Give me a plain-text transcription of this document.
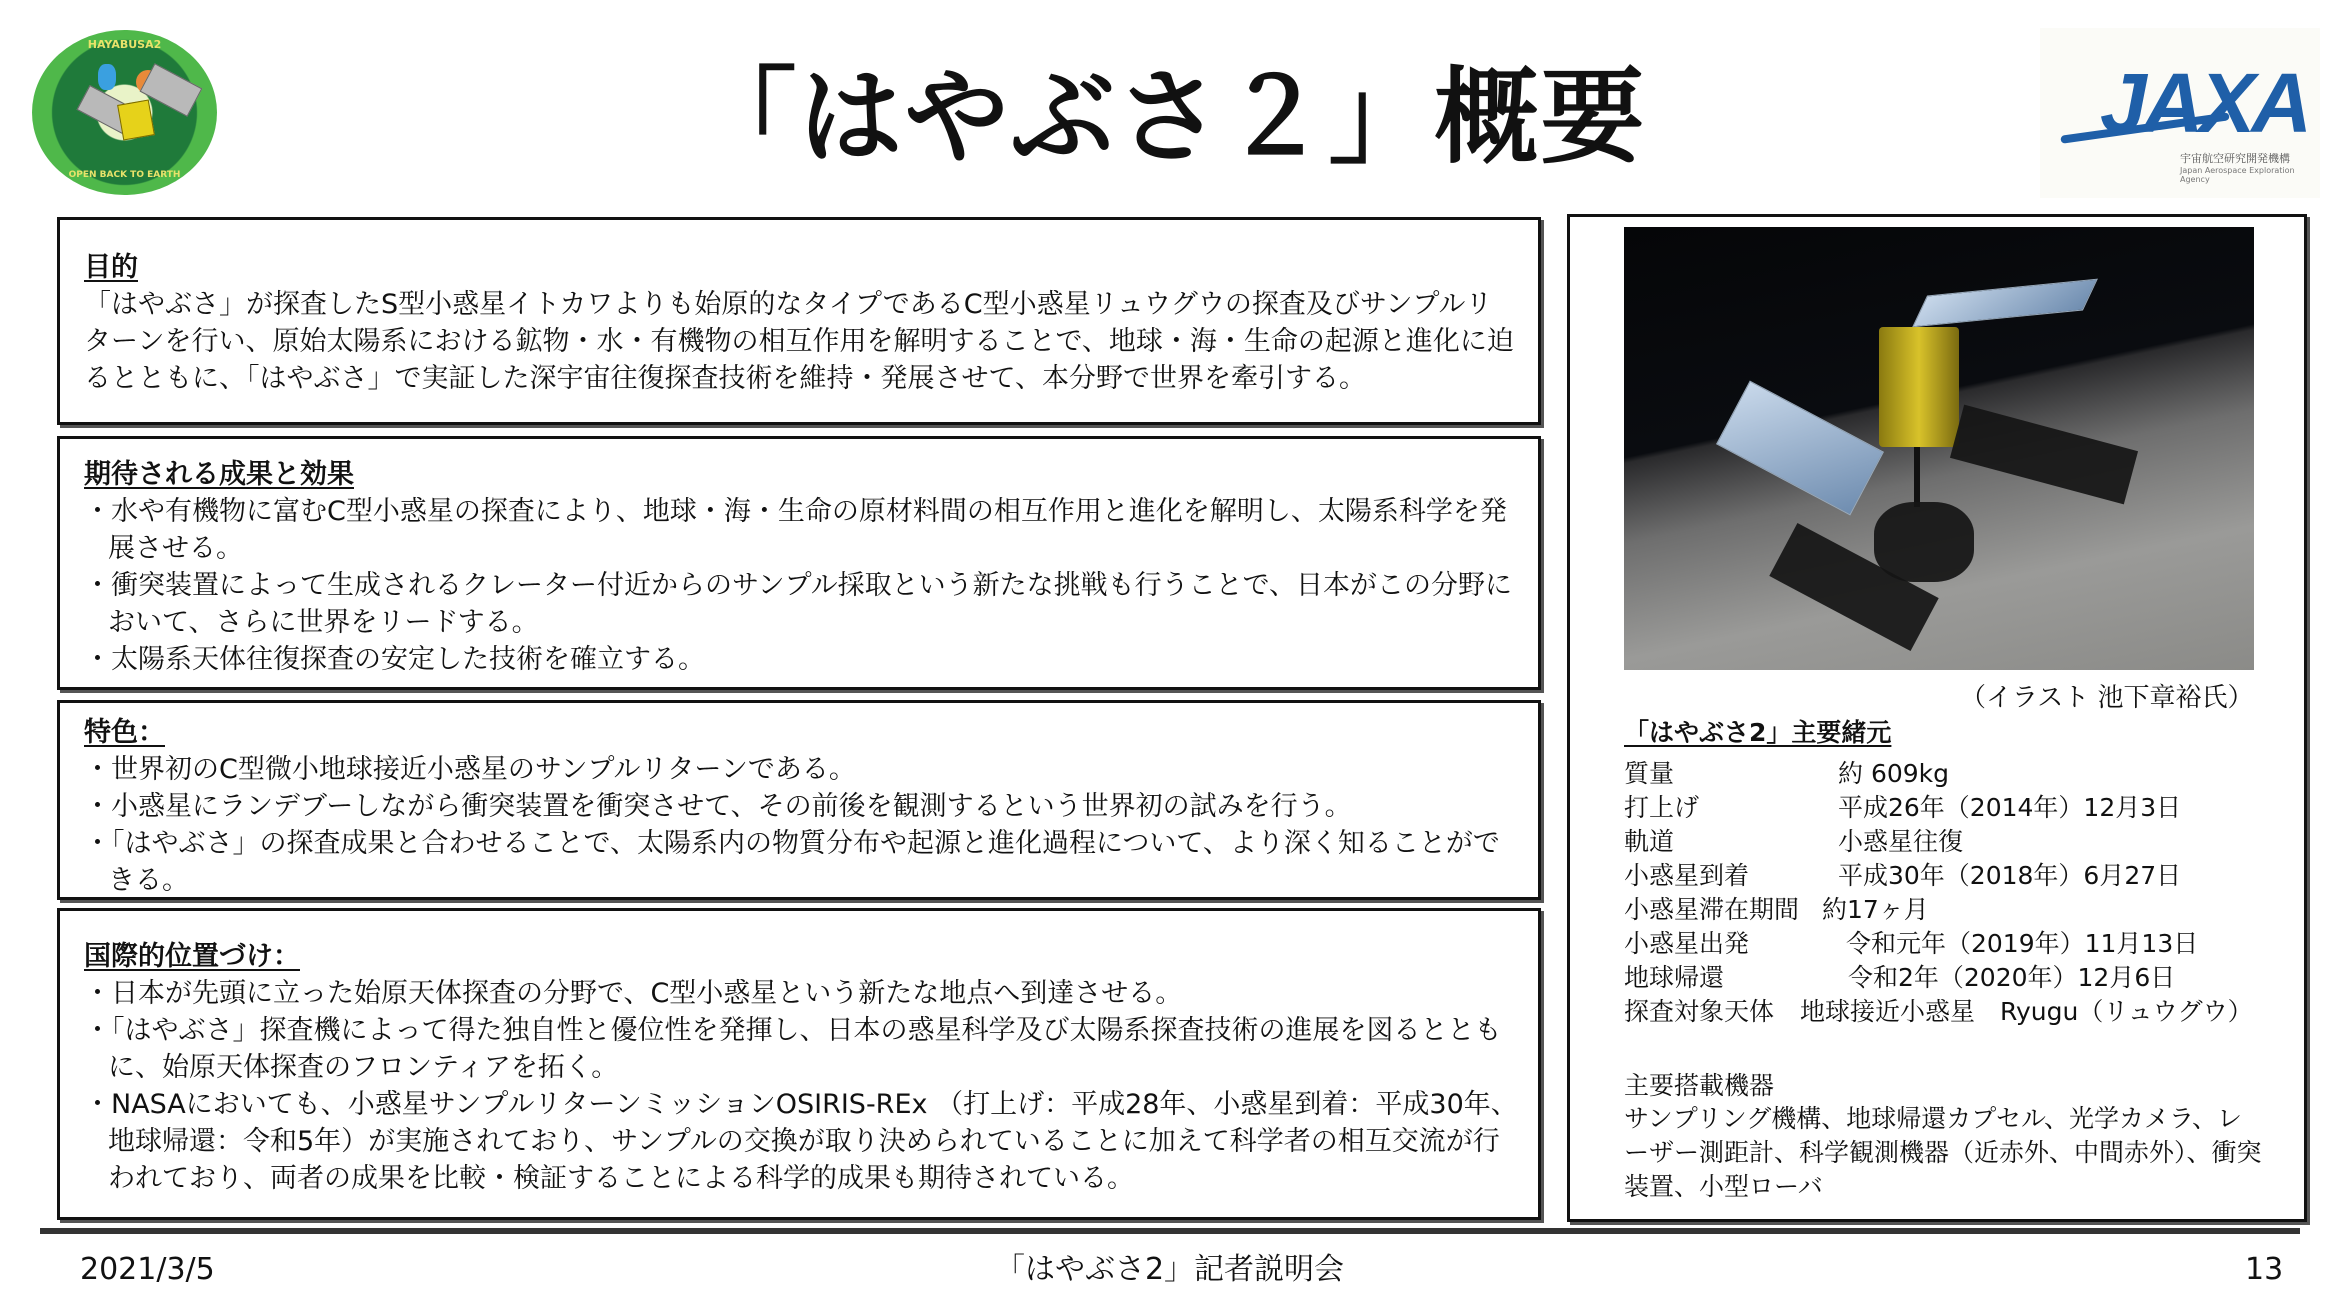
HAYABUSA2
OPEN BACK TO EARTH	「はやぶさ２」概要	JAXA
宇宙航空研究開発機構
Japan Aerospace Exploration Agency
目的
「はやぶさ」が探査したS型小惑星イトカワよりも始原的なタイプであるC型小惑星リュウグウの探査及びサンプルリターンを行い、原始太陽系における鉱物・水・有機物の相互作用を解明することで、地球・海・生命の起源と進化に迫るとともに、「はやぶさ」で実証した深宇宙往復探査技術を維持・発展させて、本分野で世界を牽引する。
期待される成果と効果
・水や有機物に富むC型小惑星の探査により、地球・海・生命の原材料間の相互作用と進化を解明し、太陽系科学を発展させる。
・衝突装置によって生成されるクレーター付近からのサンプル採取という新たな挑戦も行うことで、日本がこの分野において、さらに世界をリードする。
・太陽系天体往復探査の安定した技術を確立する。
特色：
・世界初のC型微小地球接近小惑星のサンプルリターンである。
・小惑星にランデブーしながら衝突装置を衝突させて、その前後を観測するという世界初の試みを行う。
・「はやぶさ」の探査成果と合わせることで、太陽系内の物質分布や起源と進化過程について、より深く知ることができる。
国際的位置づけ：
・日本が先頭に立った始原天体探査の分野で、C型小惑星という新たな地点へ到達させる。
・「はやぶさ」探査機によって得た独自性と優位性を発揮し、日本の惑星科学及び太陽系探査技術の進展を図るとともに、始原天体探査のフロンティアを拓く。
・NASAにおいても、小惑星サンプルリターンミッションOSIRIS-REx （打上げ：平成28年、小惑星到着：平成30年、地球帰還：令和5年）が実施されており、サンプルの交換が取り決められていることに加えて科学者の相互交流が行われており、両者の成果を比較・検証することによる科学的成果も期待されている。
（イラスト 池下章裕氏）
「はやぶさ2」主要緒元
質量	約 609kg
打上げ	平成26年（2014年）12月3日
軌道	小惑星往復
小惑星到着	平成30年（2018年）6月27日
小惑星滞在期間 約17ヶ月
小惑星出発	令和元年（2019年）11月13日
地球帰還	令和2年（2020年）12月6日
探査対象天体 地球接近小惑星　Ryugu（リュウグウ）
主要搭載機器
サンプリング機構、地球帰還カプセル、光学カメラ、レーザー測距計、科学観測機器（近赤外、中間赤外）、衝突装置、小型ローバ
2021/3/5	「はやぶさ2」記者説明会	13
